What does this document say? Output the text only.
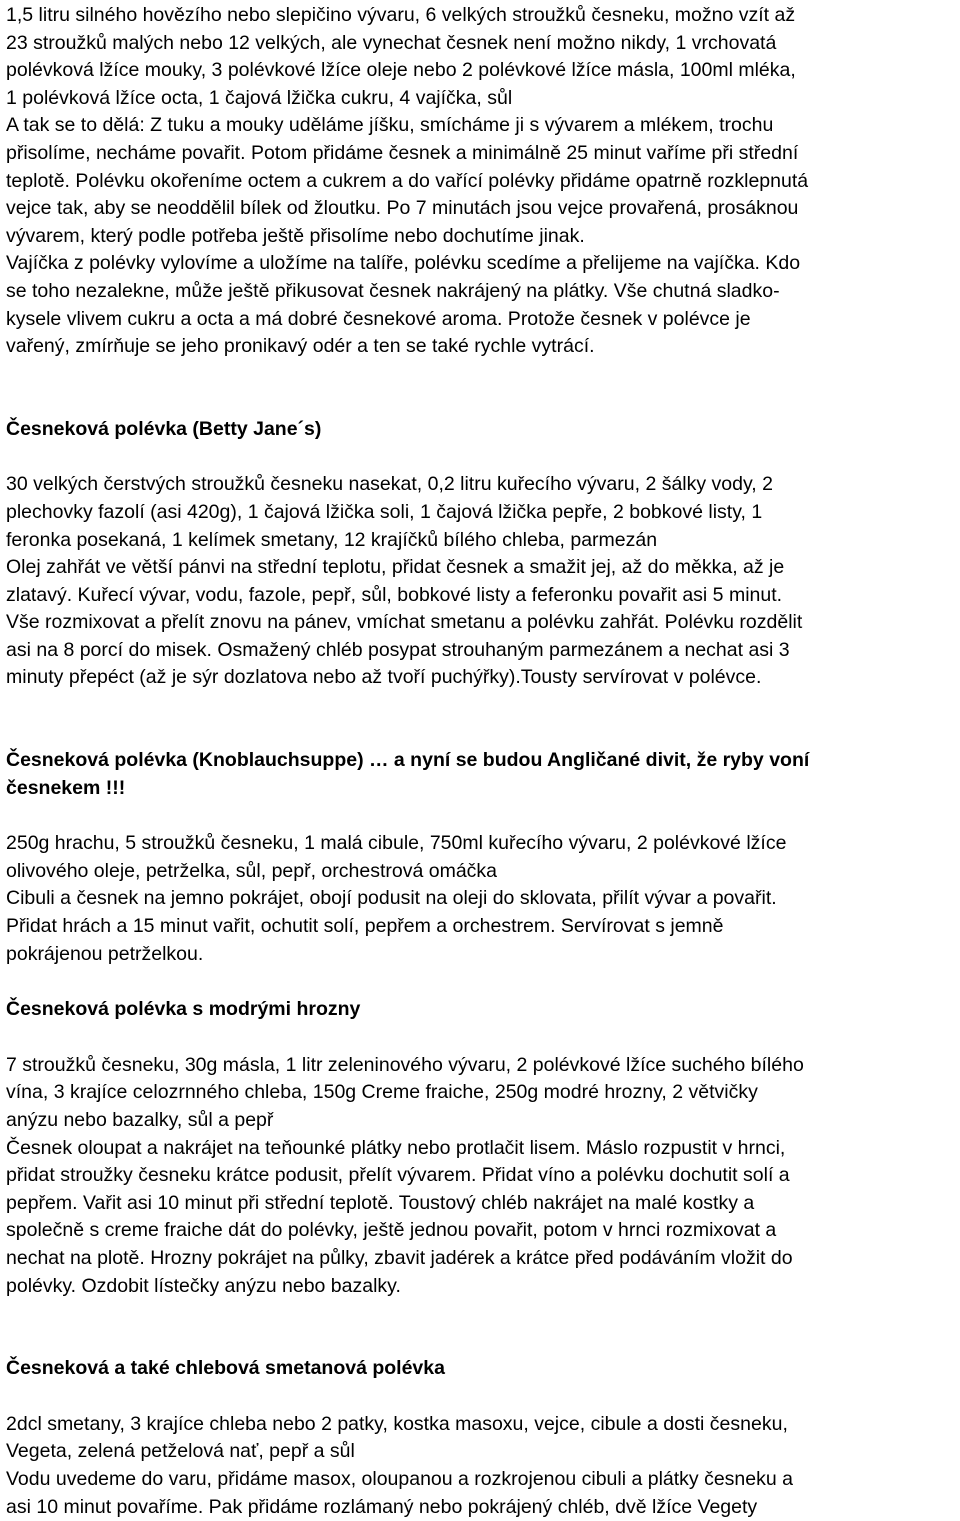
1,5 litru silného hovězího nebo slepičino vývaru, 6 velkých stroužků česneku, možno vzít až
23 stroužků malých nebo 12 velkých, ale vynechat česnek není možno nikdy, 1 vrchovatá
polévková lžíce mouky, 3 polévkové lžíce oleje nebo 2 polévkové lžíce másla, 100ml mléka,
1 polévková lžíce octa, 1 čajová lžička cukru, 4 vajíčka, sůl

A tak se to dělá: Z tuku a mouky uděláme jíšku, smícháme ji s vývarem a mlékem, trochu
přisolíme, necháme povařit. Potom přidáme česnek a minimálně 25 minut vaříme při střední
teplotě. Polévku okořeníme octem a cukrem a do vařící polévky přidáme opatrně rozklepnutá
vejce tak, aby se neoddělil bílek od žloutku. Po 7 minutách jsou vejce provařená, prosáknou
vývarem, který podle potřeba ještě přisolíme nebo dochutíme jinak.
Vajíčka z polévky vylovíme a uložíme na talíře, polévku scedíme a přelijeme na vajíčka. Kdo
se toho nezalekne, může ještě přikusovat česnek nakrájený na plátky. Vše chutná sladko-
kysele vlivem cukru a octa a má dobré česnekové aroma. Protože česnek v polévce je
vařený, zmírňuje se jeho pronikavý odér a ten se také rychle vytrácí.

Česneková polévka (Betty Jane´s)

30 velkých čerstvých stroužků česneku nasekat, 0,2 litru kuřecího vývaru, 2 šálky vody, 2
plechovky fazolí (asi 420g), 1 čajová lžička soli, 1 čajová lžička pepře, 2 bobkové listy, 1
feronka posekaná, 1 kelímek smetany, 12 krajíčků bílého chleba, parmezán

Olej zahřát ve větší pánvi na střední teplotu, přidat česnek a smažit jej, až do měkka, až je
zlatavý. Kuřecí vývar, vodu, fazole, pepř, sůl, bobkové listy a feferonku povařit asi 5 minut.
Vše rozmixovat a přelít znovu na pánev, vmíchat smetanu a polévku zahřát. Polévku rozdělit
asi na 8 porcí do misek. Osmažený chléb posypat strouhaným parmezánem a nechat asi 3
minuty přepéct (až je sýr dozlatova nebo až tvoří puchýřky).Tousty servírovat v polévce.

Česneková polévka (Knoblauchsuppe) … a nyní se budou Angličané divit, že ryby voní
česnekem !!!

250g hrachu, 5 stroužků česneku, 1 malá cibule, 750ml kuřecího vývaru, 2 polévkové lžíce
olivového oleje, petrželka, sůl, pepř, orchestrová omáčka

Cibuli a česnek na jemno pokrájet, obojí podusit na oleji do sklovata, přilít vývar a povařit.
Přidat hrách a 15 minut vařit, ochutit solí, pepřem a orchestrem. Servírovat s jemně
pokrájenou petrželkou.

Česneková polévka s modrými hrozny

7 stroužků česneku, 30g másla, 1 litr zeleninového vývaru, 2 polévkové lžíce suchého bílého
vína, 3 krajíce celozrnného chleba, 150g Creme fraiche, 250g modré hrozny, 2 větvičky
anýzu nebo bazalky, sůl a pepř

Česnek oloupat a nakrájet na teňounké plátky nebo protlačit lisem. Máslo rozpustit v hrnci,
přidat stroužky česneku krátce podusit, přelít vývarem. Přidat víno a polévku dochutit solí a
pepřem. Vařit asi 10 minut při střední teplotě. Toustový chléb nakrájet na malé kostky a
společně s creme fraiche dát do polévky, ještě jednou povařit, potom v hrnci rozmixovat a
nechat na plotě. Hrozny pokrájet na půlky, zbavit jadérek a krátce před podáváním vložit do
polévky. Ozdobit lístečky anýzu nebo bazalky.

Česneková a také chlebová smetanová polévka

2dcl smetany, 3 krajíce chleba nebo 2 patky, kostka masoxu, vejce, cibule a dosti česneku,
Vegeta, zelená petželová nať, pepř a sůl

Vodu uvedeme do varu, přidáme masox, oloupanou a rozkrojenou cibuli a plátky česneku a
asi 10 minut povaříme. Pak přidáme rozlámaný nebo pokrájený chléb, dvě lžíce Vegety
